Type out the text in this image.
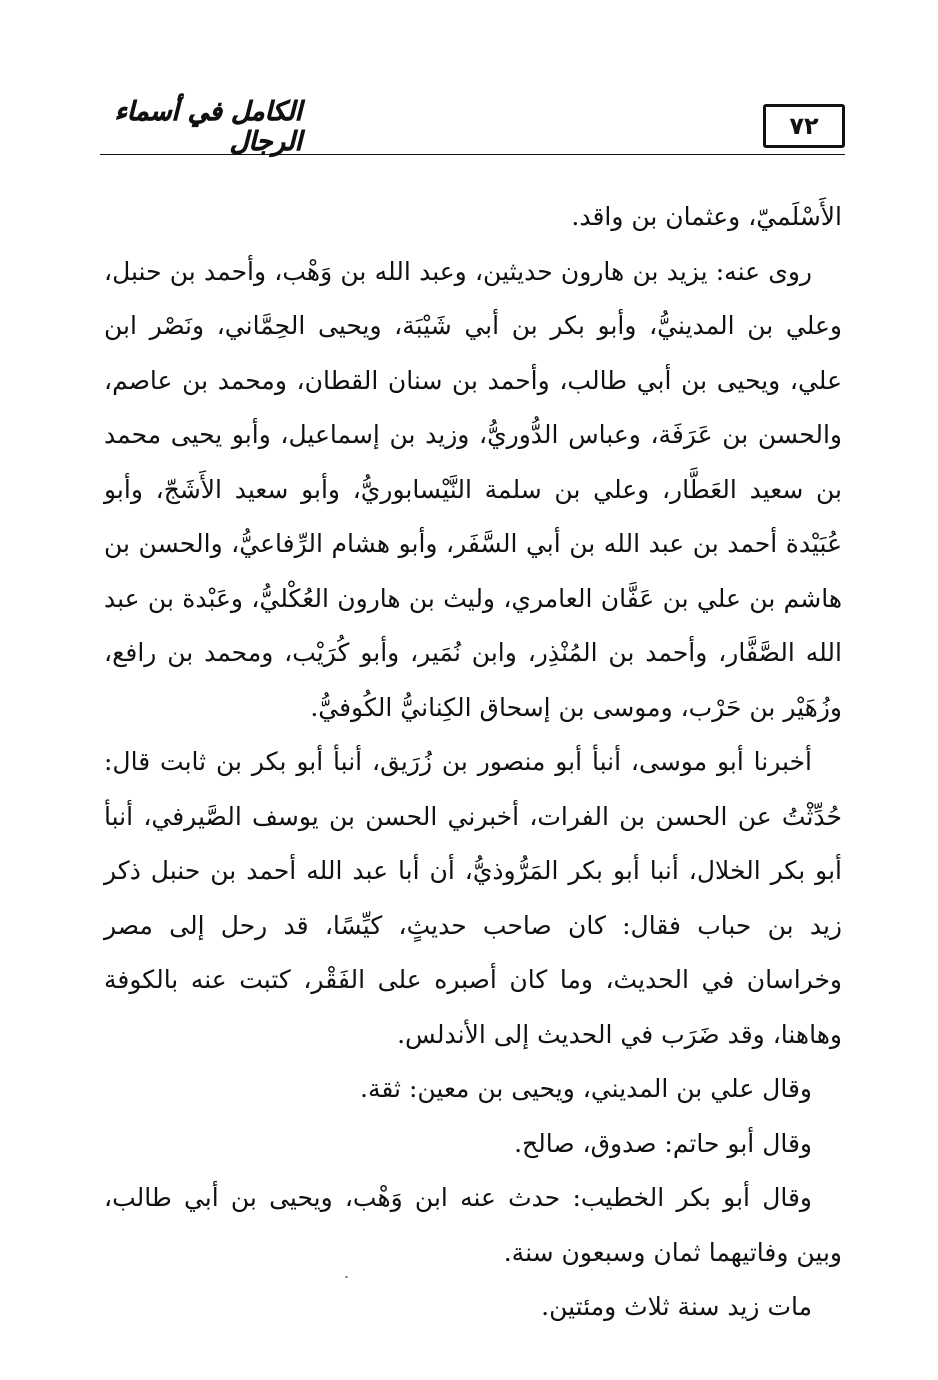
٧٢
الكامل في أسماء الرجال

الأَسْلَميّ، وعثمان بن واقد.

روى عنه: يزيد بن هارون حديثين، وعبد الله بن وَهْب، وأحمد بن حنبل، وعلي بن المدينيُّ، وأبو بكر بن أبي شَيْبَة، ويحيى الحِمَّاني، ونَصْر ابن علي، ويحيى بن أبي طالب، وأحمد بن سنان القطان، ومحمد بن عاصم، والحسن بن عَرَفَة، وعباس الدُّوريُّ، وزيد بن إسماعيل، وأبو يحيى محمد بن سعيد العَطَّار، وعلي بن سلمة النَّيْسابوريُّ، وأبو سعيد الأَشَجّ، وأبو عُبَيْدة أحمد بن عبد الله بن أبي السَّفَر، وأبو هشام الرِّفاعيُّ، والحسن بن هاشم بن علي بن عَفَّان العامري، وليث بن هارون العُكْليُّ، وعَبْدة بن عبد الله الصَّفَّار، وأحمد بن المُنْذِر، وابن نُمَير، وأبو كُرَيْب، ومحمد بن رافع، وزُهَيْر بن حَرْب، وموسى بن إسحاق الكِنانيُّ الكُوفيُّ.

أخبرنا أبو موسى، أنبأ أبو منصور بن زُرَيق، أنبأ أبو بكر بن ثابت قال: حُدِّثْتُ عن الحسن بن الفرات، أخبرني الحسن بن يوسف الصَّيرفي، أنبأ أبو بكر الخلال، أنبا أبو بكر المَرُّوذيُّ، أن أبا عبد الله أحمد بن حنبل ذكر زيد بن حباب فقال: كان صاحب حديثٍ، كيِّسًا، قد رحل إلى مصر وخراسان في الحديث، وما كان أصبره على الفَقْر، كتبت عنه بالكوفة وهاهنا، وقد ضَرَب في الحديث إلى الأندلس.

وقال علي بن المديني، ويحيى بن معين: ثقة.

وقال أبو حاتم: صدوق، صالح.

وقال أبو بكر الخطيب: حدث عنه ابن وَهْب، ويحيى بن أبي طالب، وبين وفاتيهما ثمان وسبعون سنة.

مات زيد سنة ثلاث ومئتين.
